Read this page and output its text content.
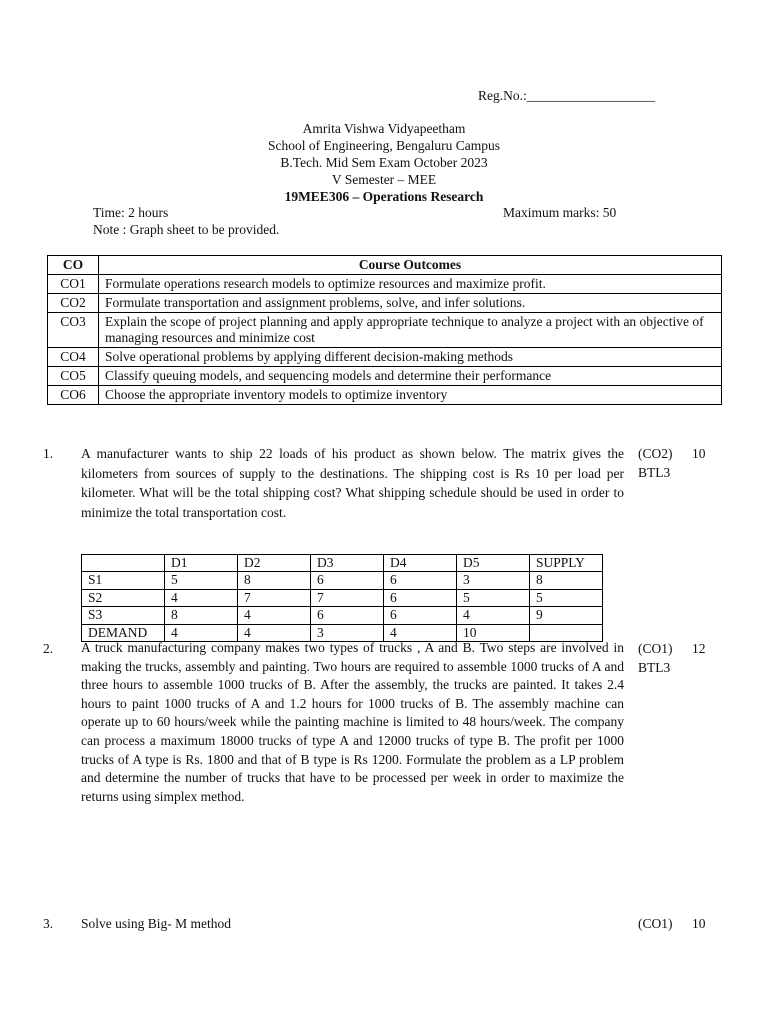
Reg.No.:___________________
Amrita Vishwa Vidyapeetham
School of Engineering, Bengaluru Campus
B.Tech. Mid Sem Exam October 2023
V Semester – MEE
19MEE306 – Operations Research
Time: 2 hours	Maximum marks: 50
Note : Graph sheet to be provided.
CO	Course Outcomes
CO1	Formulate operations research models to optimize resources and maximize profit.
CO2	Formulate transportation and assignment problems, solve, and infer solutions.
CO3	Explain the scope of project planning and apply appropriate technique to analyze a project with an objective of managing resources and minimize cost
CO4	Solve operational problems by applying different decision-making methods
CO5	Classify queuing models, and sequencing models and determine their performance
CO6	Choose the appropriate inventory models to optimize inventory
1. A manufacturer wants to ship 22 loads of his product as shown below. The matrix gives the kilometers from sources of supply to the destinations. The shipping cost is Rs 10 per load per kilometer. What will be the total shipping cost? What shipping schedule should be used in order to minimize the total transportation cost.
(CO2)
BTL3
10
	D1	D2	D3	D4	D5	SUPPLY
S1	5	8	6	6	3	8
S2	4	7	7	6	5	5
S3	8	4	6	6	4	9
DEMAND	4	4	3	4	10	
2. A truck manufacturing company makes two types of trucks , A and B. Two steps are involved in making the trucks, assembly and painting. Two hours are required to assemble 1000 trucks of A and three hours to assemble 1000 trucks of B. After the assembly, the trucks are painted. It takes 2.4 hours to paint 1000 trucks of A and 1.2 hours for 1000 trucks of B. The assembly machine can operate up to 60 hours/week while the painting machine is limited to 48 hours/week. The company can process a maximum 18000 trucks of type A and 12000 trucks of type B. The profit per 1000 trucks of A type is Rs. 1800 and that of B type is Rs 1200. Formulate the problem as a LP problem and determine the number of trucks that have to be processed per week in order to maximize the returns using simplex method.
(CO1)
BTL3
12
3. Solve using Big- M method	(CO1) 10
